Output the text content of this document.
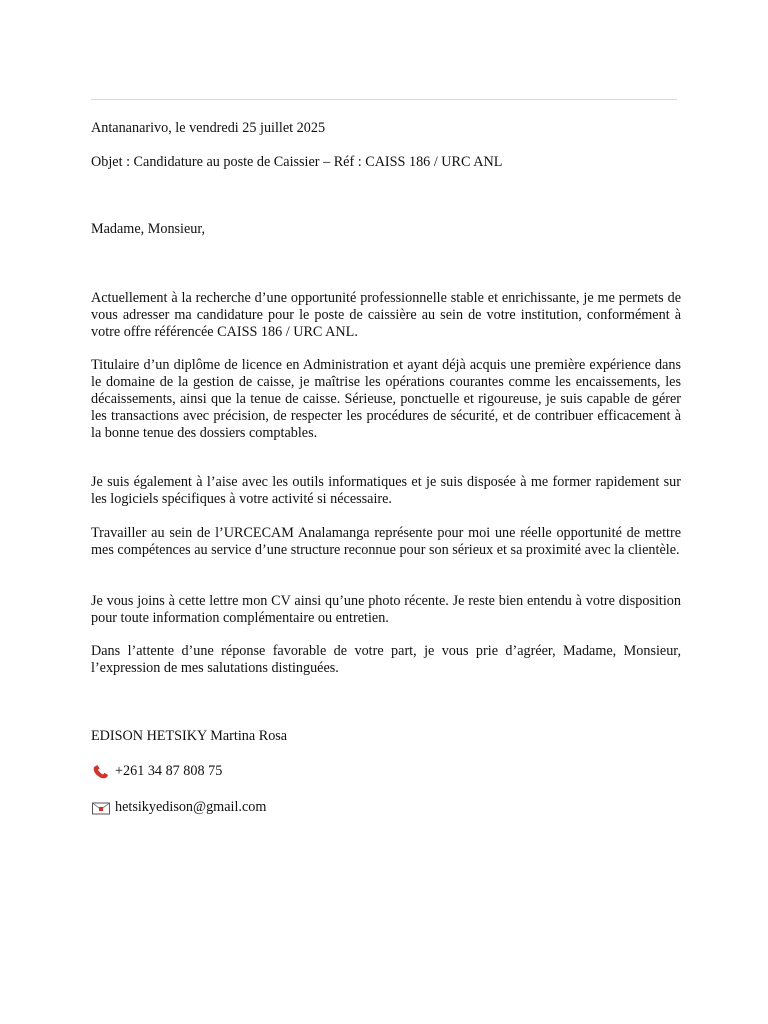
Antananarivo, le vendredi 25 juillet 2025
Objet : Candidature au poste de Caissier – Réf : CAISS 186 / URC ANL
Madame, Monsieur,

Actuellement à la recherche d’une opportunité professionnelle stable et enrichissante, je me permets de vous adresser ma candidature pour le poste de caissière au sein de votre institution, conformément à votre offre référencée CAISS 186 / URC ANL.

Titulaire d’un diplôme de licence en Administration et ayant déjà acquis une première expérience dans le domaine de la gestion de caisse, je maîtrise les opérations courantes comme les encaissements, les décaissements, ainsi que la tenue de caisse. Sérieuse, ponctuelle et rigoureuse, je suis capable de gérer les transactions avec précision, de respecter les procédures de sécurité, et de contribuer efficacement à la bonne tenue des dossiers comptables.

Je suis également à l’aise avec les outils informatiques et je suis disposée à me former rapidement sur les logiciels spécifiques à votre activité si nécessaire.

Travailler au sein de l’URCECAM Analamanga représente pour moi une réelle opportunité de mettre mes compétences au service d’une structure reconnue pour son sérieux et sa proximité avec la clientèle.

Je vous joins à cette lettre mon CV ainsi qu’une photo récente. Je reste bien entendu à votre disposition pour toute information complémentaire ou entretien.

Dans l’attente d’une réponse favorable de votre part, je vous prie d’agréer, Madame, Monsieur, l’expression de mes salutations distinguées.

EDISON HETSIKY Martina Rosa
+261 34 87 808 75
hetsikyedison@gmail.com
